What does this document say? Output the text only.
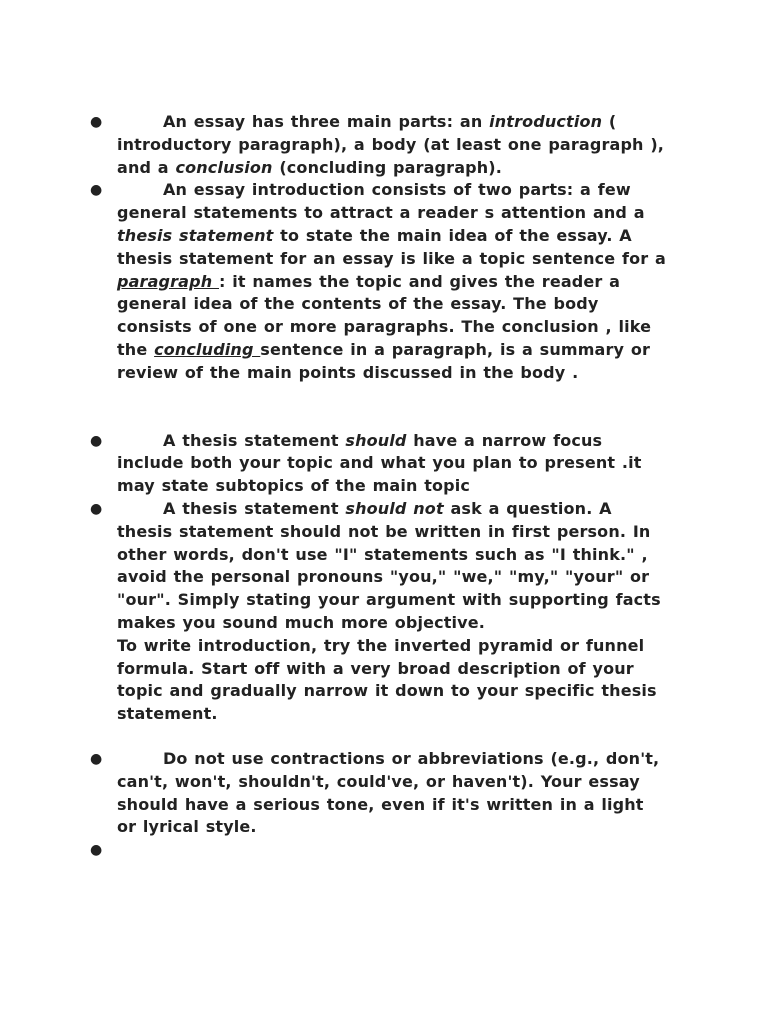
●	An essay has three main parts: an introduction ( introductory paragraph), a body (at least one paragraph ), and a conclusion (concluding paragraph).
●	An essay introduction consists of two parts: a few general statements to attract a reader s attention and a thesis statement to state the main idea of the essay. A thesis statement for an essay is like a topic sentence for a paragraph : it names the topic and gives the reader a general idea of the contents of the essay. The body consists of one or more paragraphs. The conclusion , like the concluding sentence in a paragraph, is a summary or review of the main points discussed in the body .
●	A thesis statement should have a narrow focus include both your topic and what you plan to present .it may state subtopics of the main topic
●	A thesis statement should not ask a question. A thesis statement should not be written in first person. In other words, don't use "I" statements such as "I think." , avoid the personal pronouns "you," "we," "my," "your" or "our". Simply stating your argument with supporting facts makes you sound much more objective.
To write introduction, try the inverted pyramid or funnel formula. Start off with a very broad description of your topic and gradually narrow it down to your specific thesis statement.
●	Do not use contractions or abbreviations (e.g., don't, can't, won't, shouldn't, could've, or haven't). Your essay should have a serious tone, even if it's written in a light or lyrical style.
●
